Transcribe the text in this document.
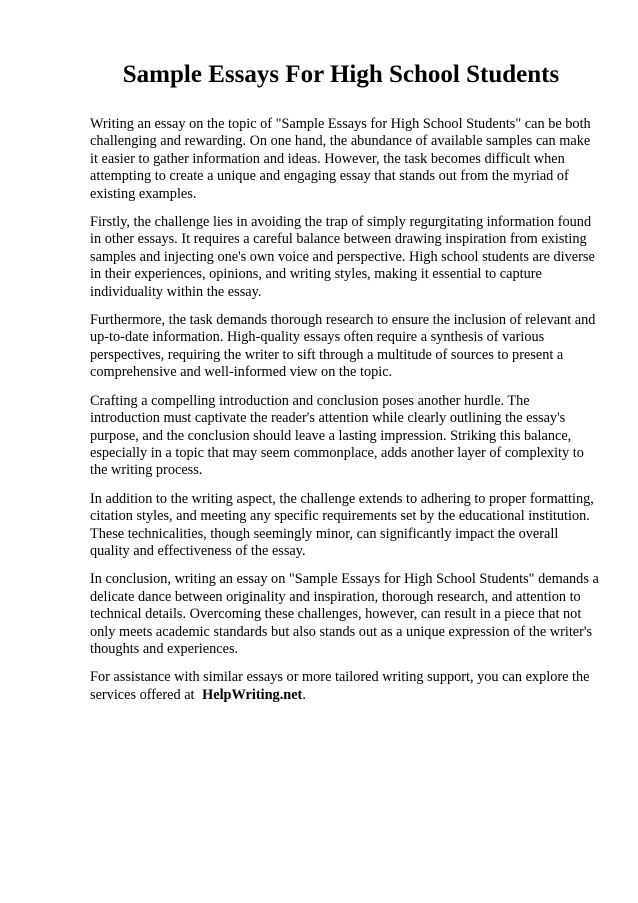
Sample Essays For High School Students

Writing an essay on the topic of "Sample Essays for High School Students" can be both challenging and rewarding. On one hand, the abundance of available samples can make it easier to gather information and ideas. However, the task becomes difficult when attempting to create a unique and engaging essay that stands out from the myriad of existing examples.

Firstly, the challenge lies in avoiding the trap of simply regurgitating information found in other essays. It requires a careful balance between drawing inspiration from existing samples and injecting one's own voice and perspective. High school students are diverse in their experiences, opinions, and writing styles, making it essential to capture individuality within the essay.

Furthermore, the task demands thorough research to ensure the inclusion of relevant and up-to-date information. High-quality essays often require a synthesis of various perspectives, requiring the writer to sift through a multitude of sources to present a comprehensive and well-informed view on the topic.

Crafting a compelling introduction and conclusion poses another hurdle. The introduction must captivate the reader's attention while clearly outlining the essay's purpose, and the conclusion should leave a lasting impression. Striking this balance, especially in a topic that may seem commonplace, adds another layer of complexity to the writing process.

In addition to the writing aspect, the challenge extends to adhering to proper formatting, citation styles, and meeting any specific requirements set by the educational institution. These technicalities, though seemingly minor, can significantly impact the overall quality and effectiveness of the essay.

In conclusion, writing an essay on "Sample Essays for High School Students" demands a delicate dance between originality and inspiration, thorough research, and attention to technical details. Overcoming these challenges, however, can result in a piece that not only meets academic standards but also stands out as a unique expression of the writer's thoughts and experiences.

For assistance with similar essays or more tailored writing support, you can explore the services offered at HelpWriting.net.
